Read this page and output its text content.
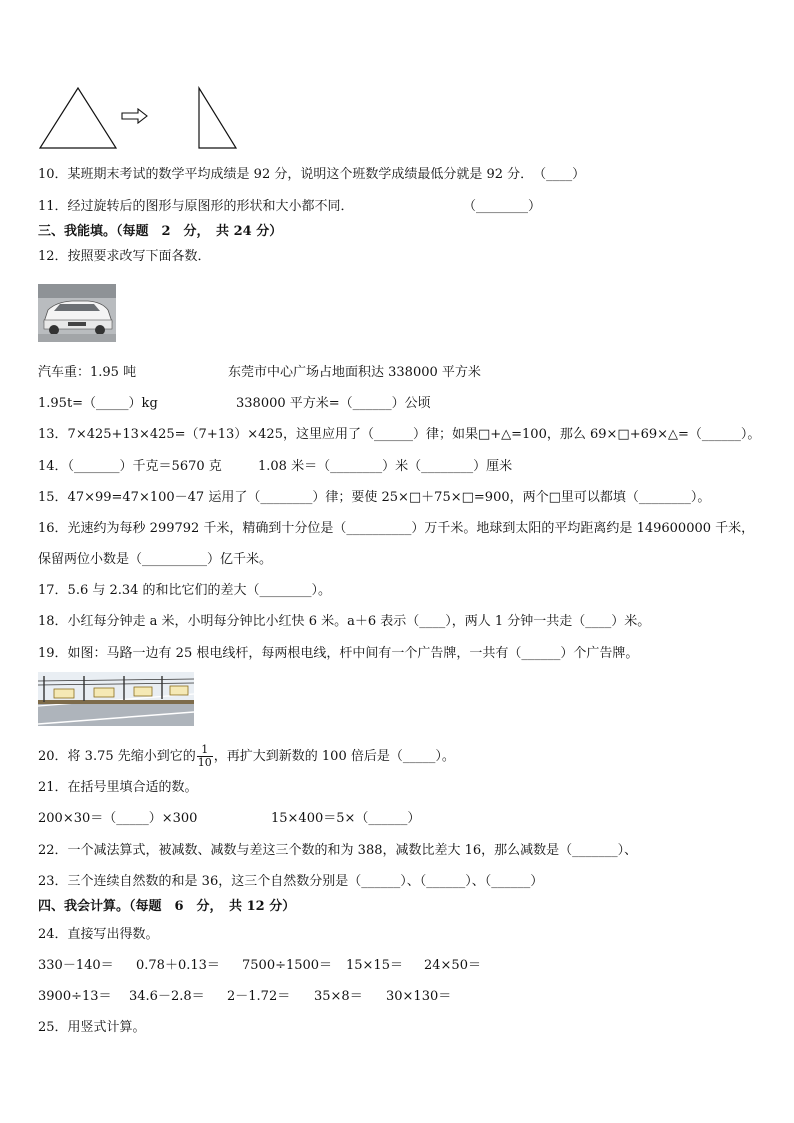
10．某班期末考试的数学平均成绩是 92 分，说明这个班数学成绩最低分就是 92 分．　（____）
11．经过旋转后的图形与原图形的形状和大小都不同．	（________）
三、我能填。（每题　2　分，　共 24 分）
12．按照要求改写下面各数．
汽车重：1.95 吨	东莞市中心广场占地面积达 338000 平方米
1.95t=（_____）kg	338000 平方米=（______）公顷
13．7×425+13×425=（7+13）×425，这里应用了（______）律；如果□+△=100，那么 69×□+69×△=（______）。
14．（_______）千克＝5670 克	1.08 米＝（________）米（________）厘米
15．47×99=47×100－47 运用了（________）律；要使 25×□＋75×□=900，两个□里可以都填（________）。
16．光速约为每秒 299792 千米，精确到十分位是（__________）万千米。地球到太阳的平均距离约是 149600000 千米，
保留两位小数是（__________）亿千米。
17．5.6 与 2.34 的和比它们的差大（________）。
18．小红每分钟走 a 米，小明每分钟比小红快 6 米。a＋6 表示（____），两人 1 分钟一共走（____）米。
19．如图：马路一边有 25 根电线杆，每两根电线，杆中间有一个广告牌，一共有（______）个广告牌。
20．将 3.75 先缩小到它的 $\frac{1}{10}$ ，再扩大到新数的 100 倍后是（_____）。
21．在括号里填合适的数。
200×30＝（_____）×300	15×400＝5×（______）
22．一个减法算式，被减数、减数与差这三个数的和为 388，减数比差大 16，那么减数是（_______）、
23．三个连续自然数的和是 36，这三个自然数分别是（______）、（______）、（______）
四、我会计算。（每题　6　分，　共 12 分）
24．直接写出得数。
330－140＝ 0.78＋0.13＝ 7500÷1500＝ 15×15＝ 24×50＝
3900÷13＝ 34.6－2.8＝ 2－1.72＝ 35×8＝ 30×130＝
25．用竖式计算。
